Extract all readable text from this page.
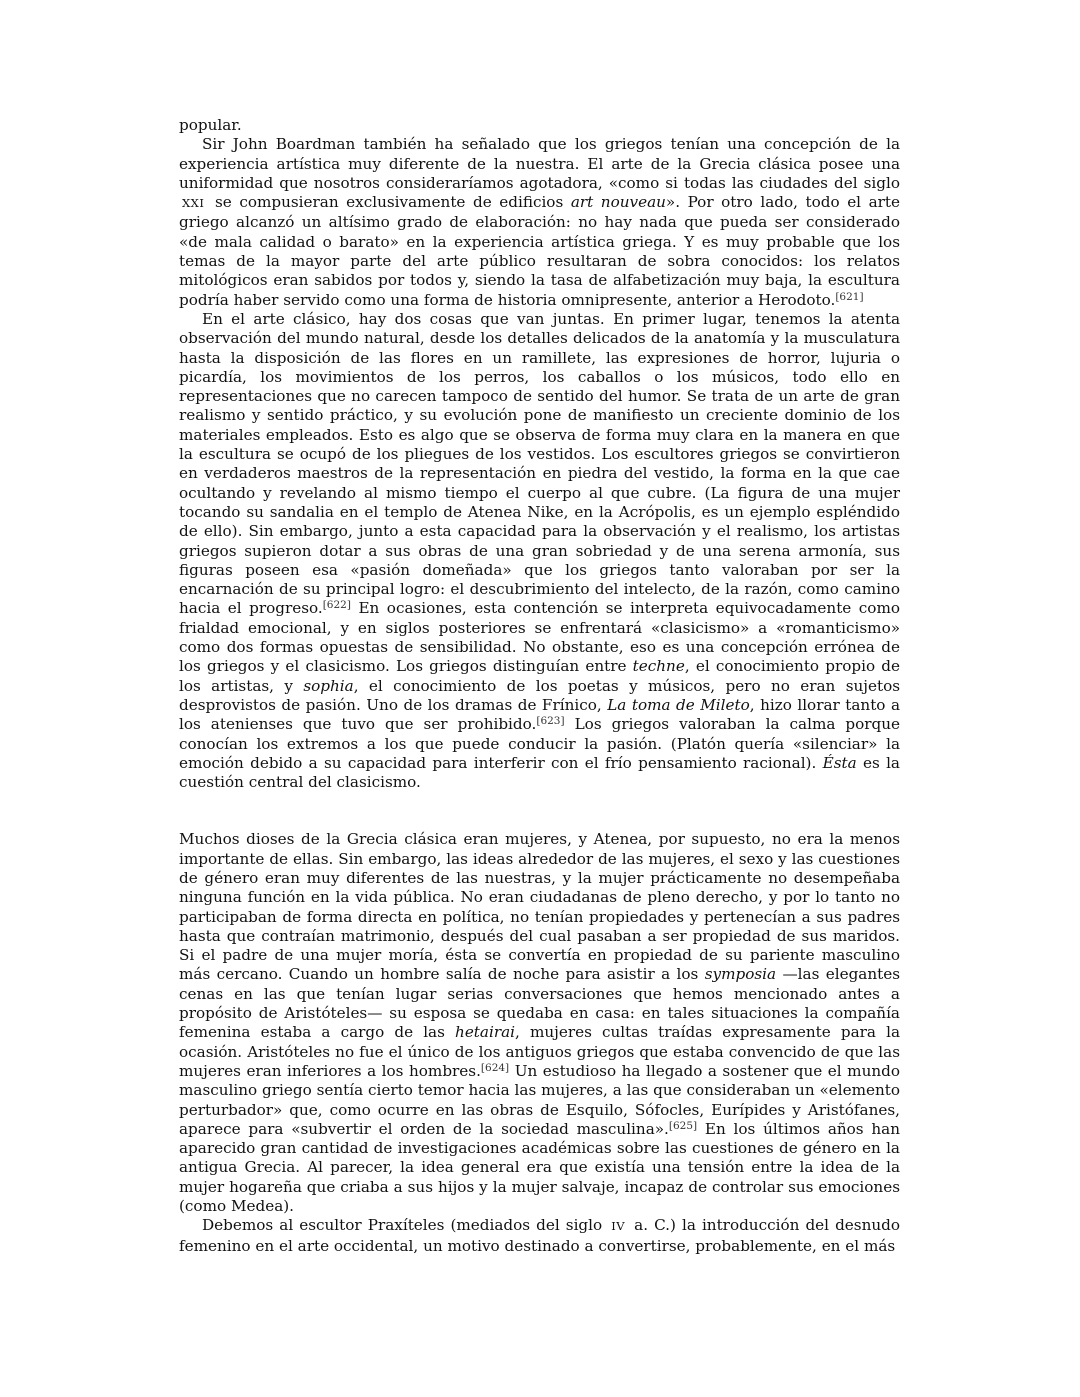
popular.

Sir John Boardman también ha señalado que los griegos tenían una concepción de la experiencia artística muy diferente de la nuestra. El arte de la Grecia clásica posee una uniformidad que nosotros consideraríamos agotadora, «como si todas las ciudades del siglo XXI se compusieran exclusivamente de edificios art nouveau». Por otro lado, todo el arte griego alcanzó un altísimo grado de elaboración: no hay nada que pueda ser considerado «de mala calidad o barato» en la experiencia artística griega. Y es muy probable que los temas de la mayor parte del arte público resultaran de sobra conocidos: los relatos mitológicos eran sabidos por todos y, siendo la tasa de alfabetización muy baja, la escultura podría haber servido como una forma de historia omnipresente, anterior a Herodoto.[621]

En el arte clásico, hay dos cosas que van juntas. En primer lugar, tenemos la atenta observación del mundo natural, desde los detalles delicados de la anatomía y la musculatura hasta la disposición de las flores en un ramillete, las expresiones de horror, lujuria o picardía, los movimientos de los perros, los caballos o los músicos, todo ello en representaciones que no carecen tampoco de sentido del humor. Se trata de un arte de gran realismo y sentido práctico, y su evolución pone de manifiesto un creciente dominio de los materiales empleados. Esto es algo que se observa de forma muy clara en la manera en que la escultura se ocupó de los pliegues de los vestidos. Los escultores griegos se convirtieron en verdaderos maestros de la representación en piedra del vestido, la forma en la que cae ocultando y revelando al mismo tiempo el cuerpo al que cubre. (La figura de una mujer tocando su sandalia en el templo de Atenea Nike, en la Acrópolis, es un ejemplo espléndido de ello). Sin embargo, junto a esta capacidad para la observación y el realismo, los artistas griegos supieron dotar a sus obras de una gran sobriedad y de una serena armonía, sus figuras poseen esa «pasión domeñada» que los griegos tanto valoraban por ser la encarnación de su principal logro: el descubrimiento del intelecto, de la razón, como camino hacia el progreso.[622] En ocasiones, esta contención se interpreta equivocadamente como frialdad emocional, y en siglos posteriores se enfrentará «clasicismo» a «romanticismo» como dos formas opuestas de sensibilidad. No obstante, eso es una concepción errónea de los griegos y el clasicismo. Los griegos distinguían entre techne, el conocimiento propio de los artistas, y sophia, el conocimiento de los poetas y músicos, pero no eran sujetos desprovistos de pasión. Uno de los dramas de Frínico, La toma de Mileto, hizo llorar tanto a los atenienses que tuvo que ser prohibido.[623] Los griegos valoraban la calma porque conocían los extremos a los que puede conducir la pasión. (Platón quería «silenciar» la emoción debido a su capacidad para interferir con el frío pensamiento racional). Ésta es la cuestión central del clasicismo.

Muchos dioses de la Grecia clásica eran mujeres, y Atenea, por supuesto, no era la menos importante de ellas. Sin embargo, las ideas alrededor de las mujeres, el sexo y las cuestiones de género eran muy diferentes de las nuestras, y la mujer prácticamente no desempeñaba ninguna función en la vida pública. No eran ciudadanas de pleno derecho, y por lo tanto no participaban de forma directa en política, no tenían propiedades y pertenecían a sus padres hasta que contraían matrimonio, después del cual pasaban a ser propiedad de sus maridos. Si el padre de una mujer moría, ésta se convertía en propiedad de su pariente masculino más cercano. Cuando un hombre salía de noche para asistir a los symposia —las elegantes cenas en las que tenían lugar serias conversaciones que hemos mencionado antes a propósito de Aristóteles— su esposa se quedaba en casa: en tales situaciones la compañía femenina estaba a cargo de las hetairai, mujeres cultas traídas expresamente para la ocasión. Aristóteles no fue el único de los antiguos griegos que estaba convencido de que las mujeres eran inferiores a los hombres.[624] Un estudioso ha llegado a sostener que el mundo masculino griego sentía cierto temor hacia las mujeres, a las que consideraban un «elemento perturbador» que, como ocurre en las obras de Esquilo, Sófocles, Eurípides y Aristófanes, aparece para «subvertir el orden de la sociedad masculina».[625] En los últimos años han aparecido gran cantidad de investigaciones académicas sobre las cuestiones de género en la antigua Grecia. Al parecer, la idea general era que existía una tensión entre la idea de la mujer hogareña que criaba a sus hijos y la mujer salvaje, incapaz de controlar sus emociones (como Medea).

Debemos al escultor Praxíteles (mediados del siglo IV a. C.) la introducción del desnudo femenino en el arte occidental, un motivo destinado a convertirse, probablemente, en el más
